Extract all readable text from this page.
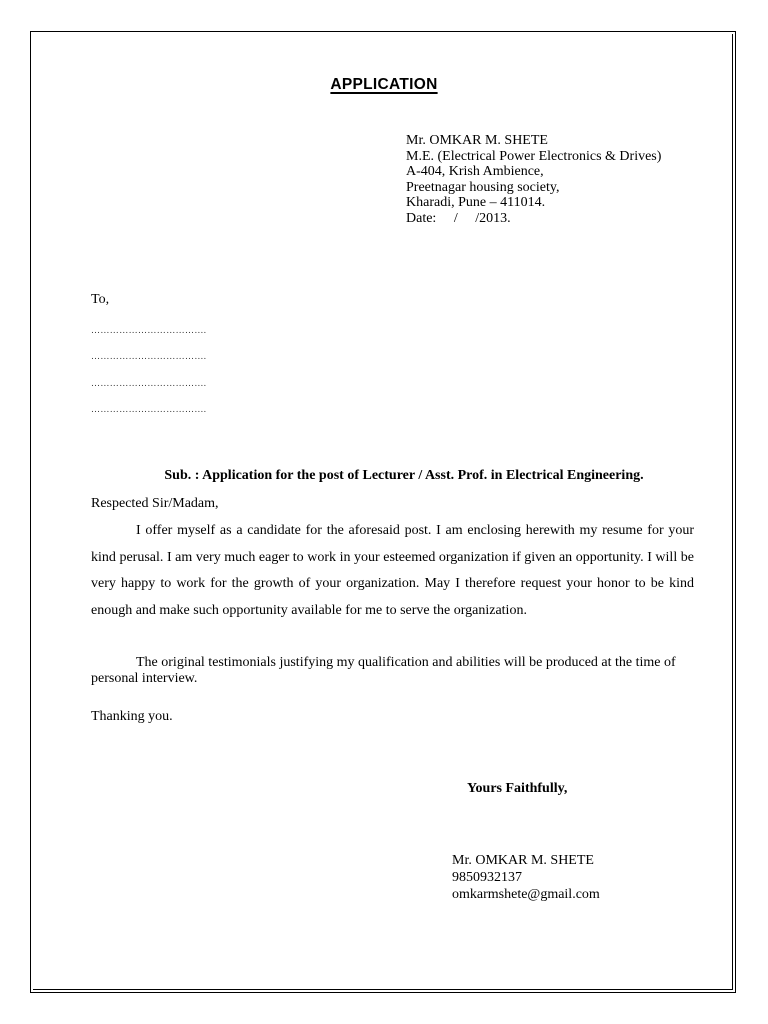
APPLICATION
Mr. OMKAR M. SHETE
M.E. (Electrical Power Electronics & Drives)
A-404, Krish Ambience,
Preetnagar housing society,
Kharadi, Pune – 411014.
Date:     /     /2013.
To,
……………………………….
……………………………….
……………………………….
……………………………….
Sub. : Application for the post of Lecturer / Asst. Prof. in Electrical Engineering.
Respected Sir/Madam,
I offer myself as a candidate for the aforesaid post. I am enclosing herewith my resume for your kind perusal. I am very much eager to work in your esteemed organization if given an opportunity. I will be very happy to work for the growth of your organization. May I therefore request your honor to be kind enough and make such opportunity available for me to serve the organization.
The original testimonials justifying my qualification and abilities will be produced at the time of personal interview.
Thanking you.
Yours Faithfully,
Mr. OMKAR M. SHETE
9850932137
omkarmshete@gmail.com
